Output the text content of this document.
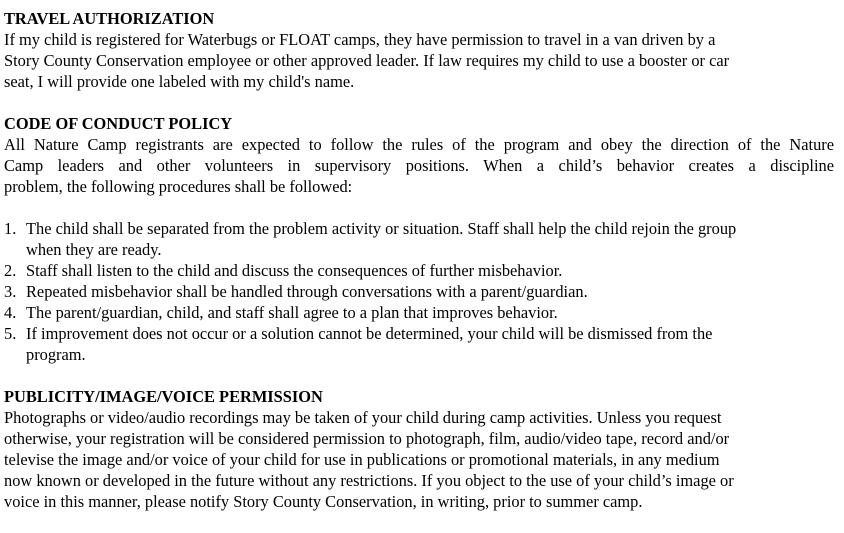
TRAVEL AUTHORIZATION
If my child is registered for Waterbugs or FLOAT camps, they have permission to travel in a van driven by a
Story County Conservation employee or other approved leader. If law requires my child to use a booster or car
seat, I will provide one labeled with my child's name.
CODE OF CONDUCT POLICY
All Nature Camp registrants are expected to follow the rules of the program and obey the direction of the Nature
Camp leaders and other volunteers in supervisory positions. When a child’s behavior creates a discipline
problem, the following procedures shall be followed:
1. The child shall be separated from the problem activity or situation. Staff shall help the child rejoin the group
when they are ready.
2. Staff shall listen to the child and discuss the consequences of further misbehavior.
3. Repeated misbehavior shall be handled through conversations with a parent/guardian.
4. The parent/guardian, child, and staff shall agree to a plan that improves behavior.
5. If improvement does not occur or a solution cannot be determined, your child will be dismissed from the
program.
PUBLICITY/IMAGE/VOICE PERMISSION
Photographs or video/audio recordings may be taken of your child during camp activities. Unless you request
otherwise, your registration will be considered permission to photograph, film, audio/video tape, record and/or
televise the image and/or voice of your child for use in publications or promotional materials, in any medium
now known or developed in the future without any restrictions. If you object to the use of your child’s image or
voice in this manner, please notify Story County Conservation, in writing, prior to summer camp.
